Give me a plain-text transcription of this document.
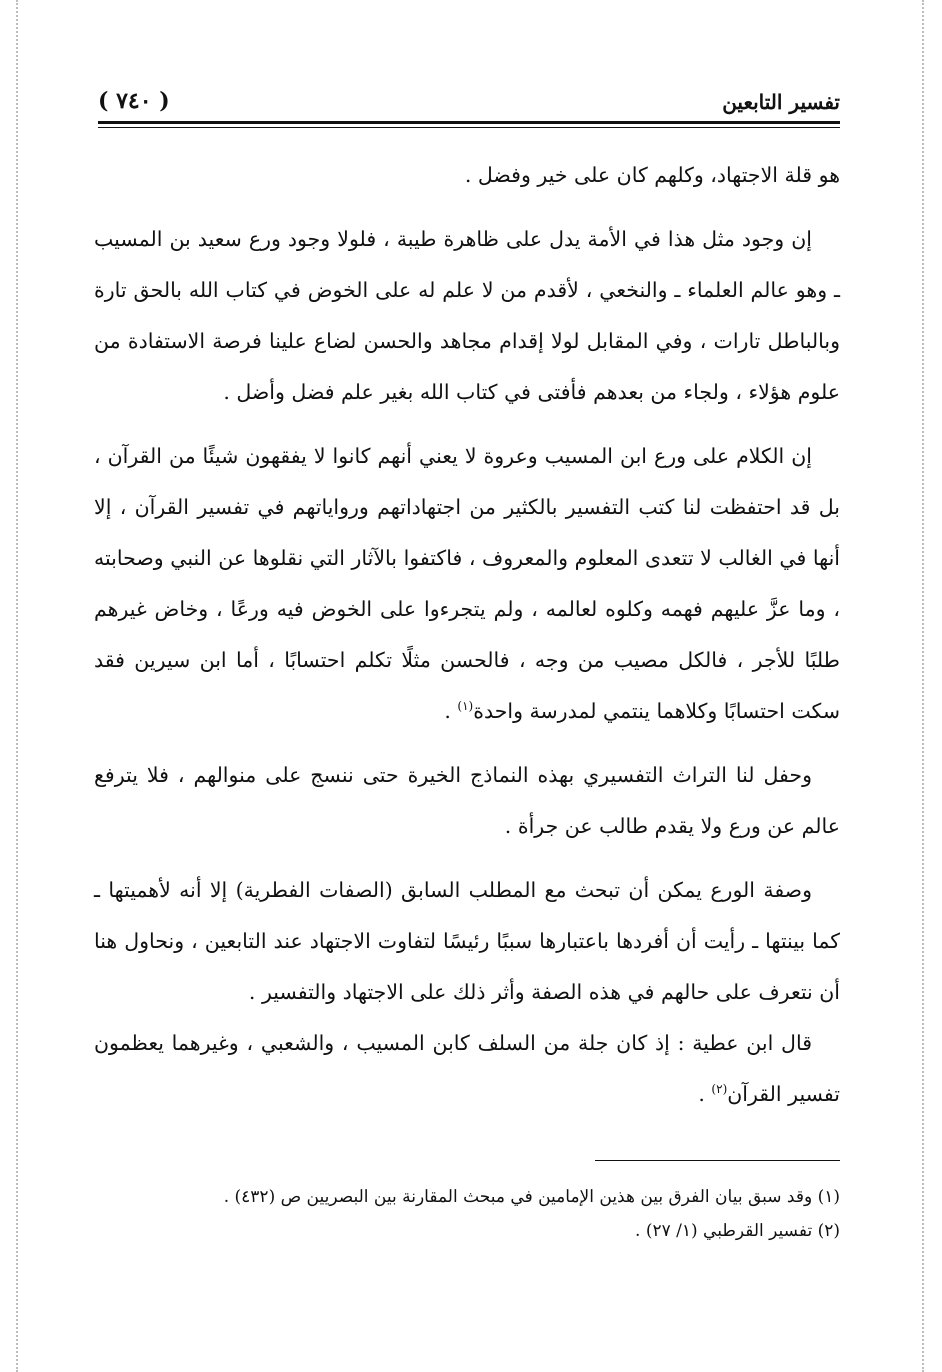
تفسير التابعين
( ٧٤٠ )

هو قلة الاجتهاد، وكلهم كان على خير وفضل .

إن وجود مثل هذا في الأمة يدل على ظاهرة طيبة ، فلولا وجود ورع سعيد بن المسيب ـ وهو عالم العلماء ـ والنخعي ، لأقدم من لا علم له على الخوض في كتاب الله بالحق تارة وبالباطل تارات ، وفي المقابل لولا إقدام مجاهد والحسن لضاع علينا فرصة الاستفادة من علوم هؤلاء ، ولجاء من بعدهم فأفتى في كتاب الله بغير علم فضل وأضل .

إن الكلام على ورع ابن المسيب وعروة لا يعني أنهم كانوا لا يفقهون شيئًا من القرآن ، بل قد احتفظت لنا كتب التفسير بالكثير من اجتهاداتهم ورواياتهم في تفسير القرآن ، إلا أنها في الغالب لا تتعدى المعلوم والمعروف ، فاكتفوا بالآثار التي نقلوها عن النبي وصحابته ، وما عزَّ عليهم فهمه وكلوه لعالمه ، ولم يتجرءوا على الخوض فيه ورعًا ، وخاض غيرهم طلبًا للأجر ، فالكل مصيب من وجه ، فالحسن مثلًا تكلم احتسابًا ، أما ابن سيرين فقد سكت احتسابًا وكلاهما ينتمي لمدرسة واحدة$^{(١)}$ .

وحفل لنا التراث التفسيري بهذه النماذج الخيرة حتى ننسج على منوالهم ، فلا يترفع عالم عن ورع ولا يقدم طالب عن جرأة .

وصفة الورع يمكن أن تبحث مع المطلب السابق (الصفات الفطرية) إلا أنه لأهميتها ـ كما بينتها ـ رأيت أن أفردها باعتبارها سببًا رئيسًا لتفاوت الاجتهاد عند التابعين ، ونحاول هنا أن نتعرف على حالهم في هذه الصفة وأثر ذلك على الاجتهاد والتفسير .

قال ابن عطية : إذ كان جلة من السلف كابن المسيب ، والشعبي ، وغيرهما يعظمون تفسير القرآن$^{(٢)}$ .

(١) وقد سبق بيان الفرق بين هذين الإمامين في مبحث المقارنة بين البصريين ص (٤٣٢) .

(٢) تفسير القرطبي (١/ ٢٧) .
